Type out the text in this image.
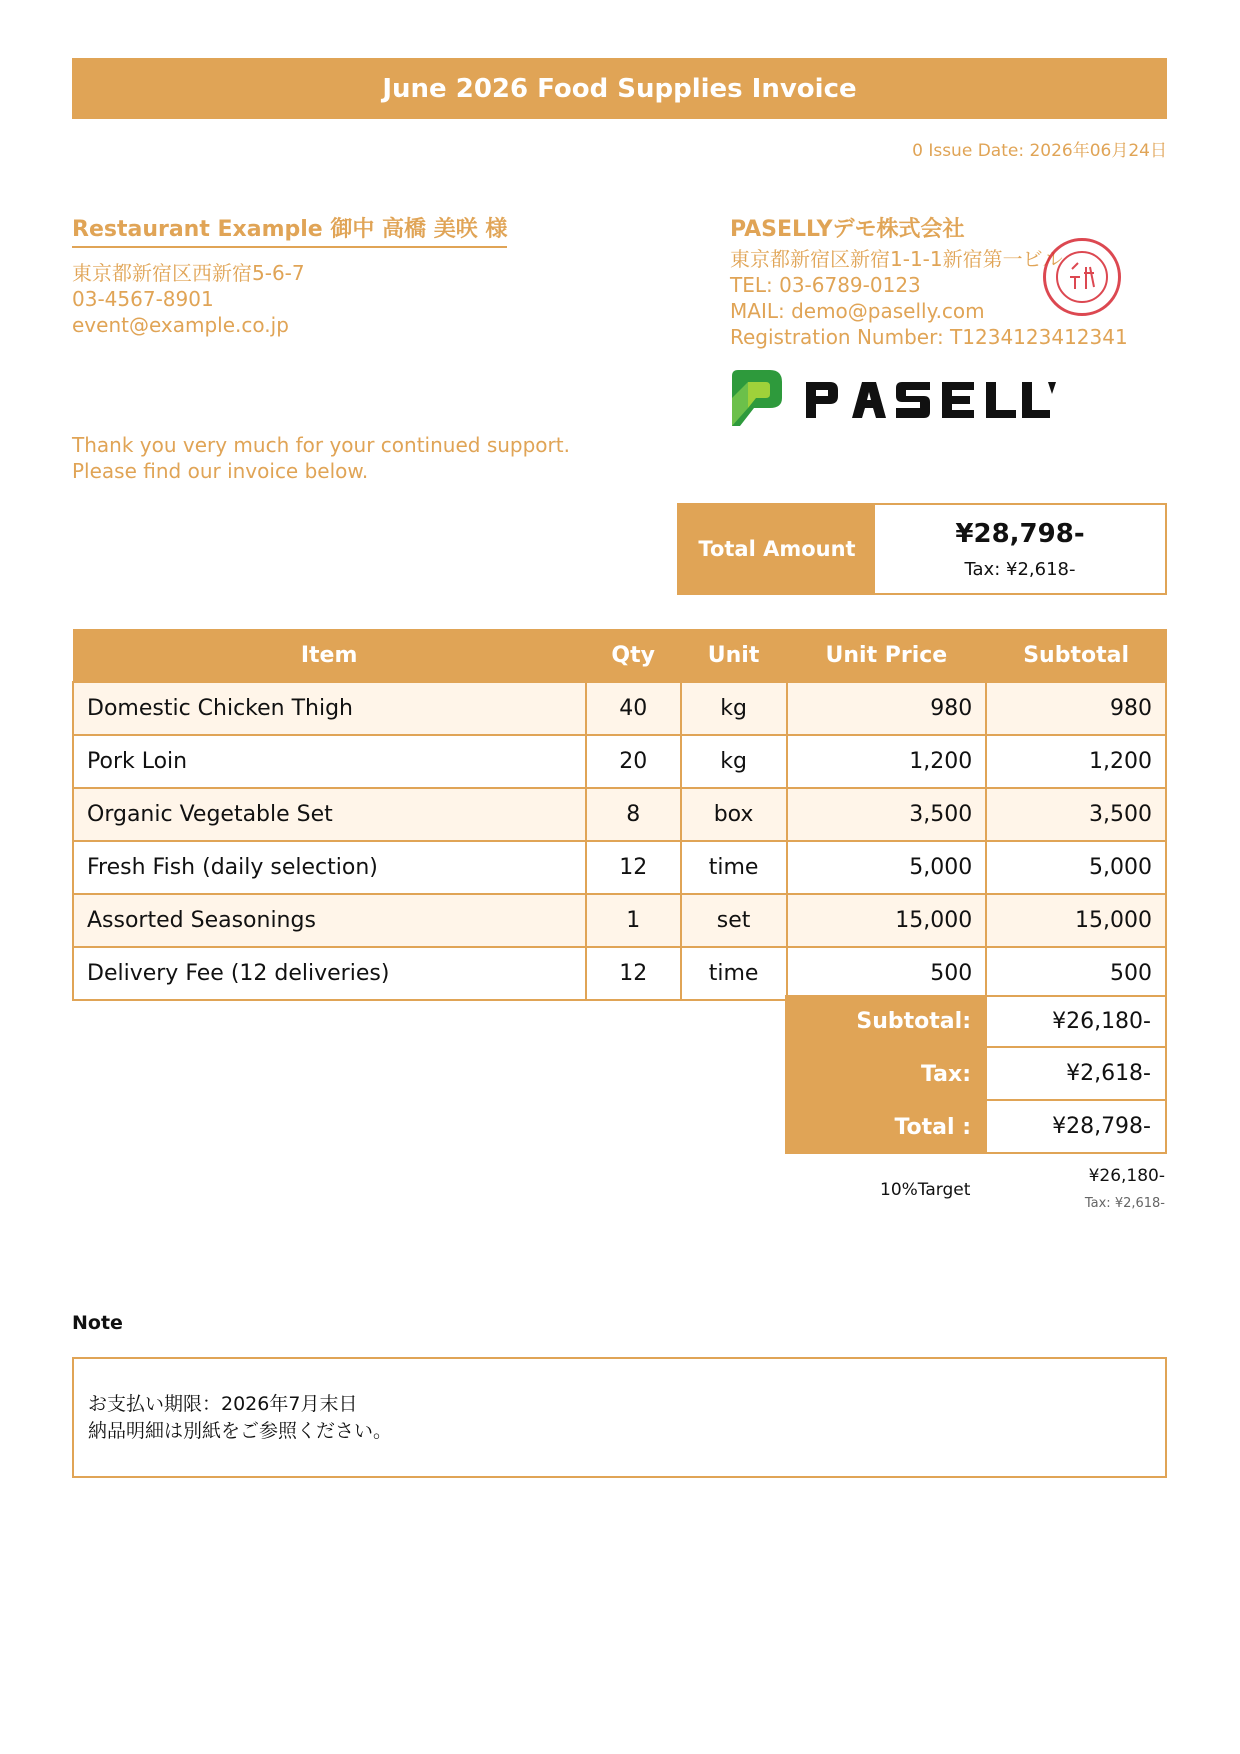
June 2026 Food Supplies Invoice
0 Issue Date: 2026年06月24日
Restaurant Example 御中 高橋 美咲 様
東京都新宿区西新宿5-6-7
03-4567-8901
event@example.co.jp
Thank you very much for your continued support.
Please find our invoice below.
PASELLYデモ株式会社
東京都新宿区新宿1-1-1新宿第一ビル
TEL: 03-6789-0123
MAIL: demo@paselly.com
Registration Number: T1234123412341
Total Amount
¥28,798-
Tax: ¥2,618-
Item	Qty	Unit	Unit Price	Subtotal
Domestic Chicken Thigh	40	kg	980	980
Pork Loin	20	kg	1,200	1,200
Organic Vegetable Set	8	box	3,500	3,500
Fresh Fish (daily selection)	12	time	5,000	5,000
Assorted Seasonings	1	set	15,000	15,000
Delivery Fee (12 deliveries)	12	time	500	500
Subtotal:	¥26,180-
Tax:	¥2,618-
Total :	¥28,798-
10%Target
¥26,180-
Tax: ¥2,618-
Note
お支払い期限：2026年7月末日
納品明細は別紙をご参照ください。
